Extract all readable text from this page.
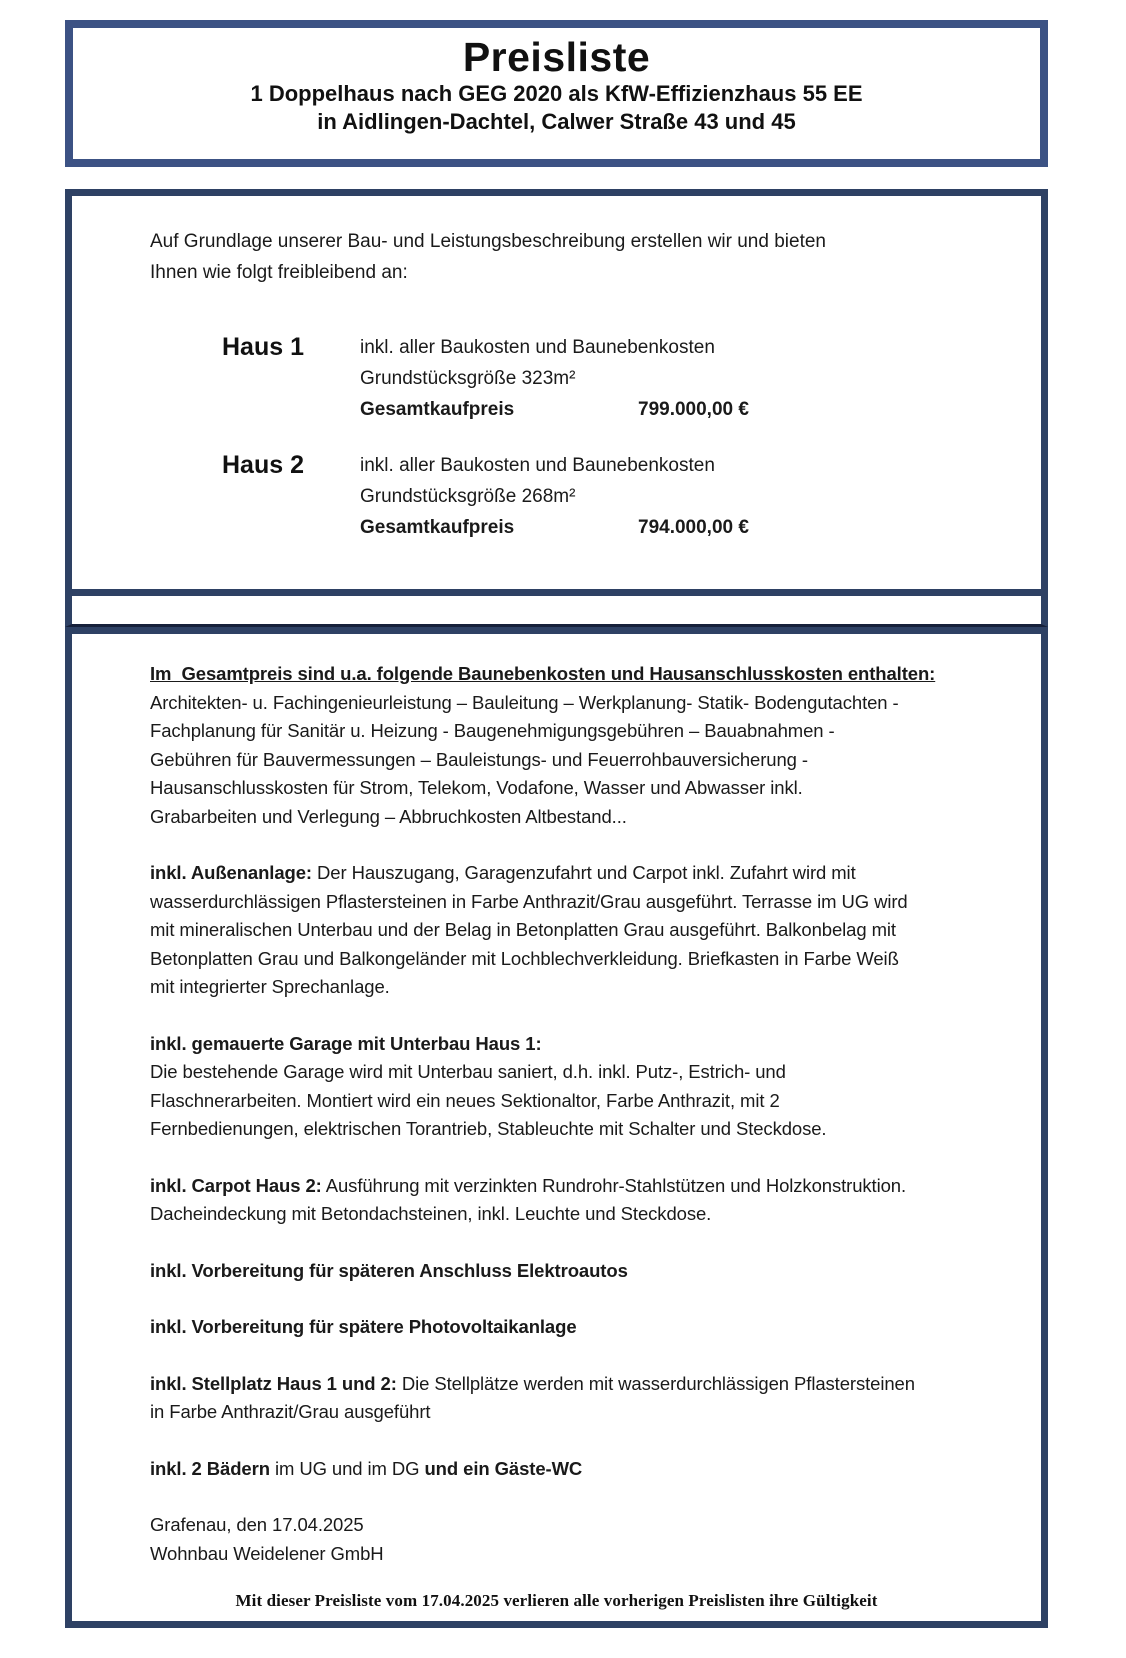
Preisliste
1 Doppelhaus nach GEG 2020 als KfW-Effizienzhaus 55 EE
in Aidlingen-Dachtel, Calwer Straße 43 und 45
Auf Grundlage unserer Bau- und Leistungsbeschreibung erstellen wir und bieten
Ihnen wie folgt freibleibend an:
Haus 1	inkl. aller Baukosten und Baunebenkosten
Grundstücksgröße 323m²
Gesamtkaufpreis	799.000,00 €
Haus 2	inkl. aller Baukosten und Baunebenkosten
Grundstücksgröße 268m²
Gesamtkaufpreis	794.000,00 €
Im  Gesamtpreis sind u.a. folgende Baunebenkosten und Hausanschlusskosten enthalten:
Architekten- u. Fachingenieurleistung – Bauleitung – Werkplanung- Statik- Bodengutachten -
Fachplanung für Sanitär u. Heizung - Baugenehmigungsgebühren – Bauabnahmen -
Gebühren für Bauvermessungen – Bauleistungs- und Feuerrohbauversicherung -
Hausanschlusskosten für Strom, Telekom, Vodafone, Wasser und Abwasser inkl.
Grabarbeiten und Verlegung – Abbruchkosten Altbestand...
inkl. Außenanlage: Der Hauszugang, Garagenzufahrt und Carpot inkl. Zufahrt wird mit
wasserdurchlässigen Pflastersteinen in Farbe Anthrazit/Grau ausgeführt. Terrasse im UG wird
mit mineralischen Unterbau und der Belag in Betonplatten Grau ausgeführt. Balkonbelag mit
Betonplatten Grau und Balkongeländer mit Lochblechverkleidung. Briefkasten in Farbe Weiß
mit integrierter Sprechanlage.
inkl. gemauerte Garage mit Unterbau Haus 1:
Die bestehende Garage wird mit Unterbau saniert, d.h. inkl. Putz-, Estrich- und
Flaschnerarbeiten. Montiert wird ein neues Sektionaltor, Farbe Anthrazit, mit 2
Fernbedienungen, elektrischen Torantrieb, Stableuchte mit Schalter und Steckdose.
inkl. Carpot Haus 2: Ausführung mit verzinkten Rundrohr-Stahlstützen und Holzkonstruktion.
Dacheindeckung mit Betondachsteinen, inkl. Leuchte und Steckdose.
inkl. Vorbereitung für späteren Anschluss Elektroautos
inkl. Vorbereitung für spätere Photovoltaikanlage
inkl. Stellplatz Haus 1 und 2: Die Stellplätze werden mit wasserdurchlässigen Pflastersteinen
in Farbe Anthrazit/Grau ausgeführt
inkl. 2 Bädern im UG und im DG und ein Gäste-WC
Grafenau, den 17.04.2025
Wohnbau Weidelener GmbH
Mit dieser Preisliste vom 17.04.2025 verlieren alle vorherigen Preislisten ihre Gültigkeit
